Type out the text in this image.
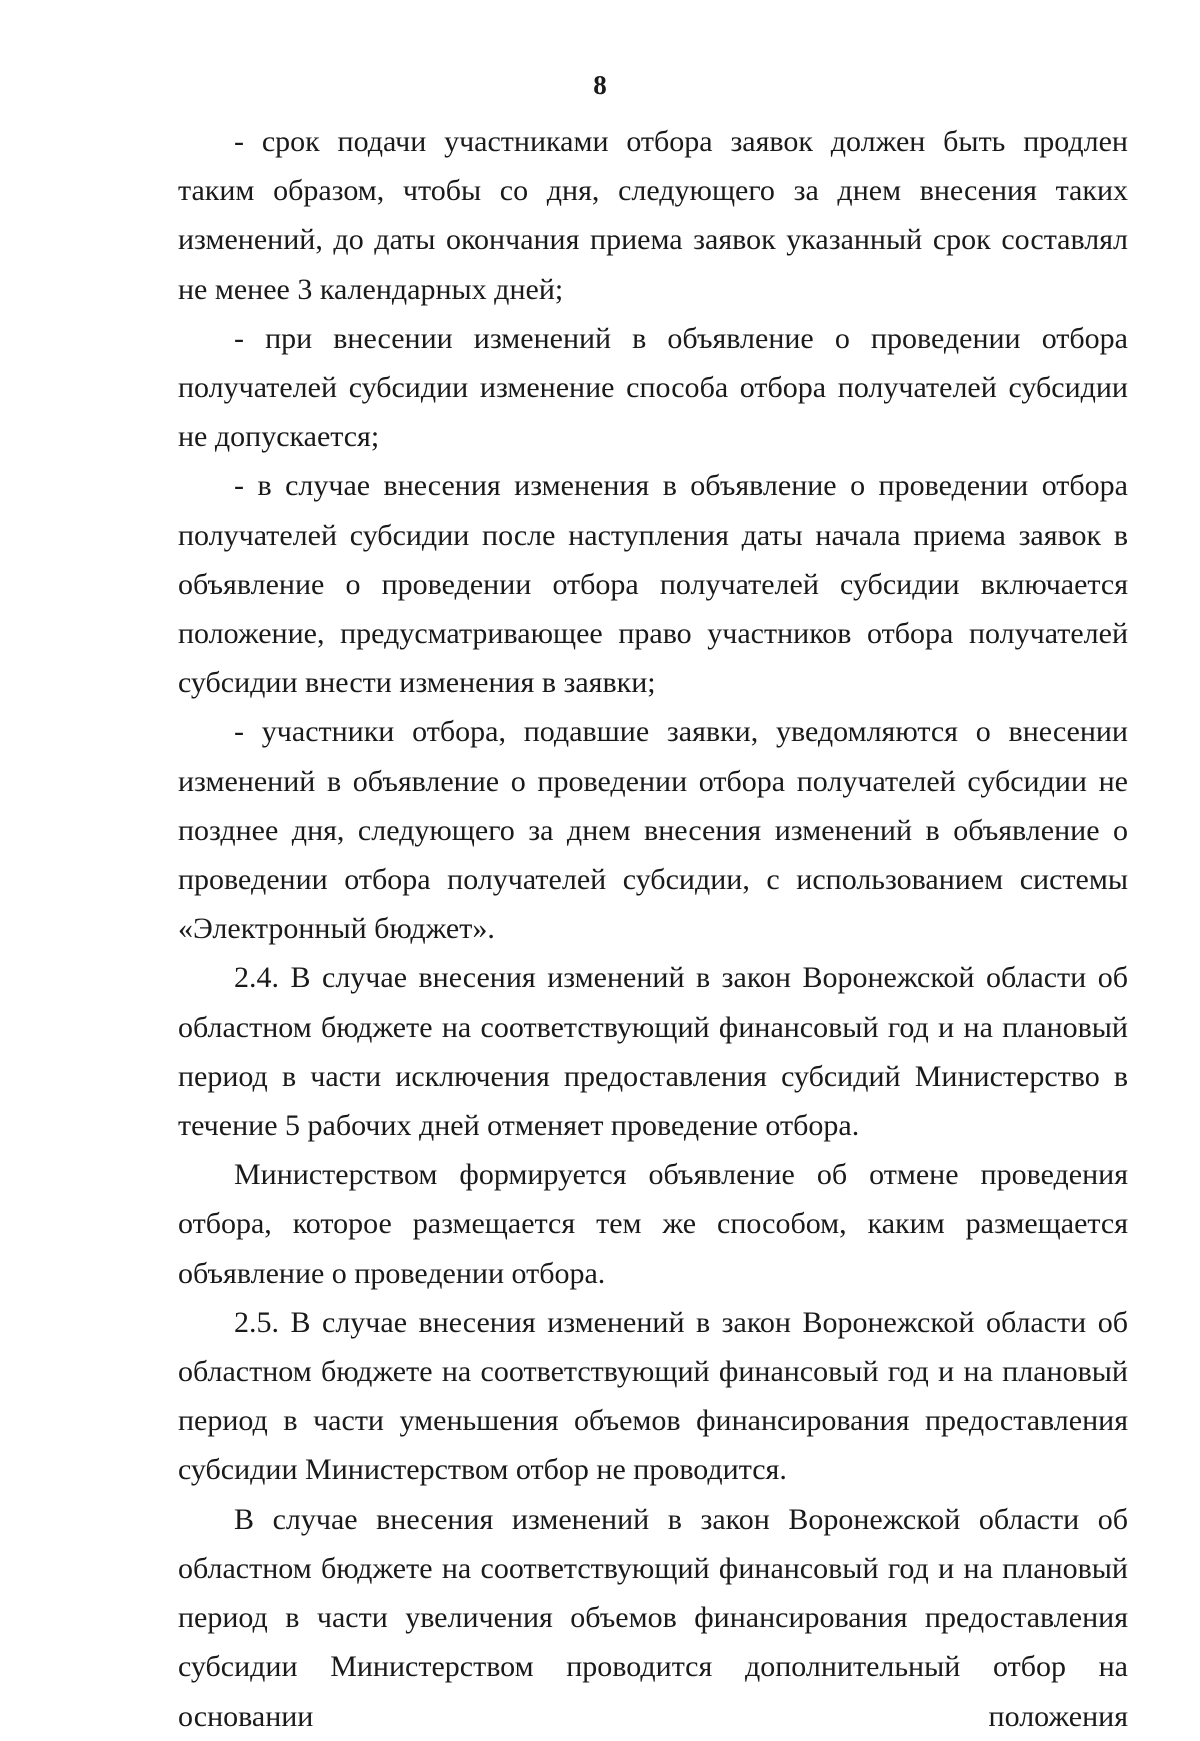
8

- срок подачи участниками отбора заявок должен быть продлен таким образом, чтобы со дня, следующего за днем внесения таких изменений, до даты окончания приема заявок указанный срок составлял не менее 3 календарных дней;

- при внесении изменений в объявление о проведении отбора получателей субсидии изменение способа отбора получателей субсидии не допускается;

- в случае внесения изменения в объявление о проведении отбора получателей субсидии после наступления даты начала приема заявок в объявление о проведении отбора получателей субсидии включается положение, предусматривающее право участников отбора получателей субсидии внести изменения в заявки;

- участники отбора, подавшие заявки, уведомляются о внесении изменений в объявление о проведении отбора получателей субсидии не позднее дня, следующего за днем внесения изменений в объявление о проведении отбора получателей субсидии, с использованием системы «Электронный бюджет».

2.4. В случае внесения изменений в закон Воронежской области об областном бюджете на соответствующий финансовый год и на плановый период в части исключения предоставления субсидий Министерство в течение 5 рабочих дней отменяет проведение отбора.

Министерством формируется объявление об отмене проведения отбора, которое размещается тем же способом, каким размещается объявление о проведении отбора.

2.5. В случае внесения изменений в закон Воронежской области об областном бюджете на соответствующий финансовый год и на плановый период в части уменьшения объемов финансирования предоставления субсидии Министерством отбор не проводится.

В случае внесения изменений в закон Воронежской области об областном бюджете на соответствующий финансовый год и на плановый период в части увеличения объемов финансирования предоставления субсидии Министерством проводится дополнительный отбор на основании положения
